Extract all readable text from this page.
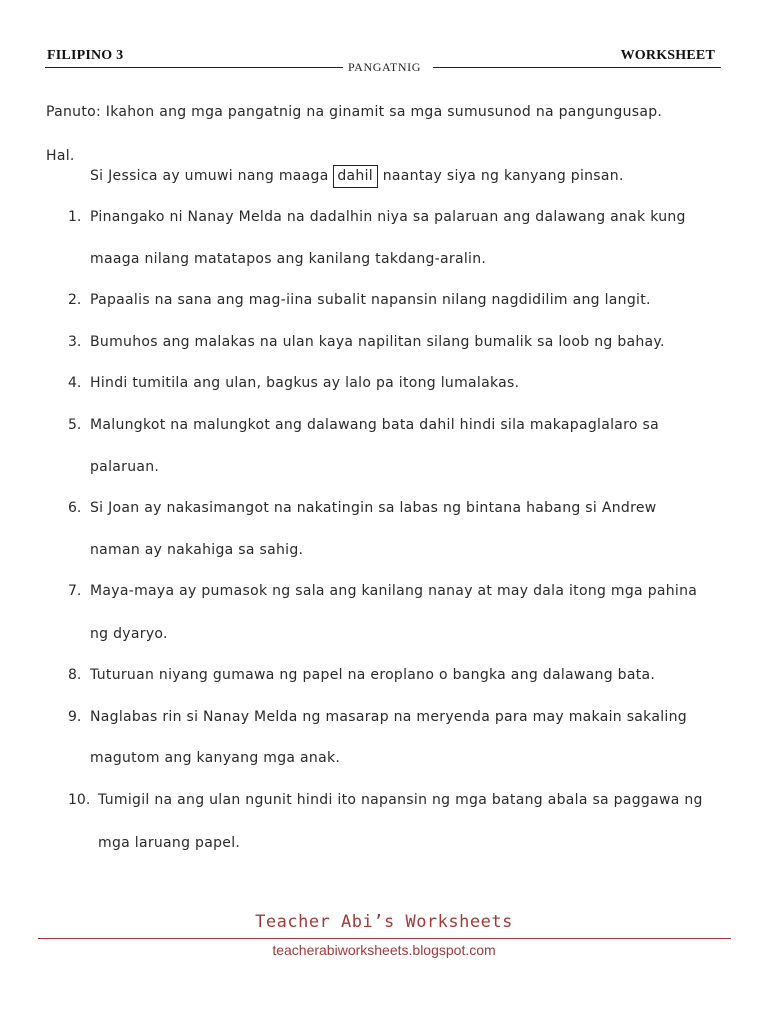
FILIPINO 3	WORKSHEET
PANGATNIG
Panuto: Ikahon ang mga pangatnig na ginamit sa mga sumusunod na pangungusap.
Hal.
Si Jessica ay umuwi nang maaga dahil naantay siya ng kanyang pinsan.
1. Pinangako ni Nanay Melda na dadalhin niya sa palaruan ang dalawang anak kung
maaga nilang matatapos ang kanilang takdang-aralin.
2. Papaalis na sana ang mag-iina subalit napansin nilang nagdidilim ang langit.
3. Bumuhos ang malakas na ulan kaya napilitan silang bumalik sa loob ng bahay.
4. Hindi tumitila ang ulan, bagkus ay lalo pa itong lumalakas.
5. Malungkot na malungkot ang dalawang bata dahil hindi sila makapaglalaro sa
palaruan.
6. Si Joan ay nakasimangot na nakatingin sa labas ng bintana habang si Andrew
naman ay nakahiga sa sahig.
7. Maya-maya ay pumasok ng sala ang kanilang nanay at may dala itong mga pahina
ng dyaryo.
8. Tuturuan niyang gumawa ng papel na eroplano o bangka ang dalawang bata.
9. Naglabas rin si Nanay Melda ng masarap na meryenda para may makain sakaling
magutom ang kanyang mga anak.
10. Tumigil na ang ulan ngunit hindi ito napansin ng mga batang abala sa paggawa ng
mga laruang papel.
Teacher Abi’s Worksheets
teacherabiworksheets.blogspot.com
